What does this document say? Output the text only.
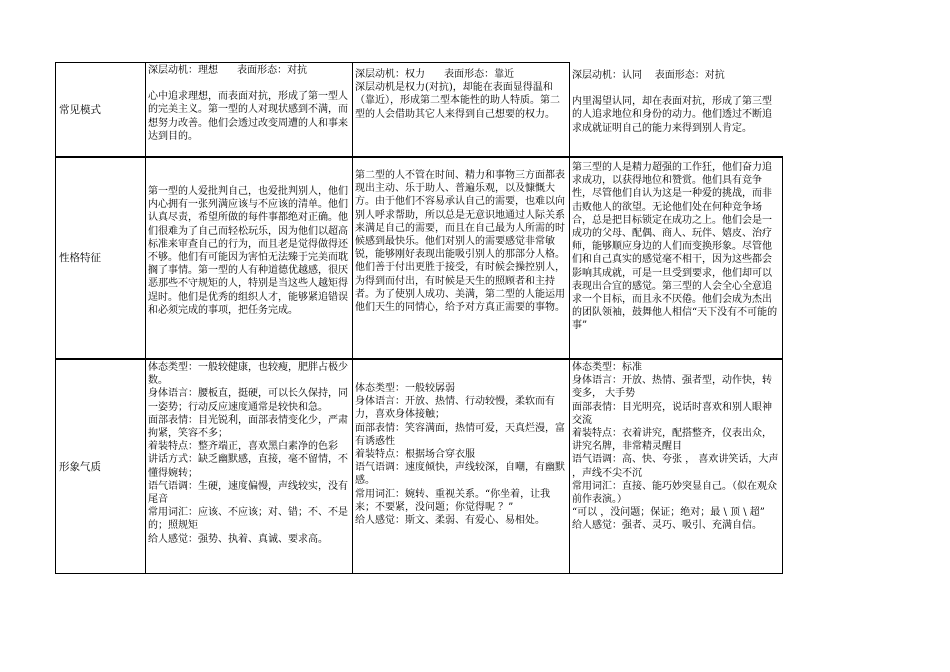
常见模式
深层动机：理想      表面形态：对抗
心中追求理想，而表面对抗，形成了第一型人的完美主义。第一型的人对现状感到不满，而想努力改善。他们会透过改变周遭的人和事来达到目的。
深层动机：权力      表面形态：靠近
深层动机是权力(对抗)，却能在表面显得温和（靠近），形成第二型本能性的助人特质。第二型的人会借助其它人来得到自己想要的权力。
深层动机：认同    表面形态：对抗
内里渴望认同，却在表面对抗，形成了第三型的人追求地位和身份的动力。他们透过不断追求成就证明自己的能力来得到别人肯定。
性格特征
第一型的人爱批判自己，也爱批判别人，他们内心拥有一张列满应该与不应该的清单。他们认真尽责，希望所做的每件事都绝对正确。他们很难为了自己而轻松玩乐，因为他们以超高标准来审查自己的行为，而且老是觉得做得还不够。他们有可能因为害怕无法臻于完美而耽搁了事情。第一型的人有种道德优越感，很厌恶那些不守规矩的人，特别是当这些人越矩得逞时。他们是优秀的组织人才，能够紧追错误和必须完成的事项，把任务完成。
第二型的人不管在时间、精力和事物三方面都表现出主动、乐于助人、普遍乐观，以及慷慨大方。由于他们不容易承认自己的需要，也难以向别人呼求帮助，所以总是无意识地通过人际关系来满足自己的需要，而且在自己最为人所需的时候感到最快乐。他们对别人的需要感觉非常敏锐，能够刚好表现出能吸引别人的那部分人格。他们善于付出更胜于接受，有时候会操控别人，为得到而付出，有时候是天生的照顾者和主持者。为了使别人成功、美满，第二型的人能运用他们天生的同情心，给予对方真正需要的事物。
第三型的人是精力超强的工作狂，他们奋力追求成功，以获得地位和赞赏。他们具有竞争性，尽管他们自认为这是一种爱的挑战，而非击败他人的欲望。无论他们处在何种竞争场合，总是把目标锁定在成功之上。他们会是一成功的父母、配偶、商人、玩伴、嬉皮、治疗师，能够顺应身边的人们而变换形象。尽管他们和自己真实的感觉毫不相干，因为这些都会影响其成就，可是一旦受到要求，他们却可以表现出合宜的感觉。第三型的人会全心全意追求一个目标，而且永不厌倦。他们会成为杰出的团队领袖，鼓舞他人相信“天下没有不可能的事”
形象气质
体态类型：一般较健康，也较瘦，肥胖占极少数。
身体语言：腰板直，挺硬，可以长久保持，同一姿势；行动反应速度通常是较快和急。
面部表情：目光锐利，面部表情变化少，严肃拘紧，笑容不多；
着装特点：整齐端正，喜欢黑白素净的色彩
讲话方式：缺乏幽默感，直接，毫不留情，不懂得婉转；
语气语调：生硬，速度偏慢，声线较实，没有尾音
常用词汇：应该、不应该；对、错；不、不是的；照规矩
给人感觉：强势、执着、真诚、要求高。
体态类型：一般较孱弱
身体语言：开放、热情、行动较慢，柔软而有力，喜欢身体接触；
面部表情：笑容满面，热情可爱，天真烂漫，富有诱惑性
着装特点：根据场合穿衣服
语气语调：速度倾快，声线较深，自嘲，有幽默感。
常用词汇：婉转、重视关系。“你坐着，让我来；不要紧，没问题；你觉得呢 ？”
给人感觉：斯文、柔弱、有爱心、易相处。
体态类型：标准
身体语言：开放、热情、强者型，动作快，转变多， 大手势
面部表情：目光明亮，说话时喜欢和别人眼神交流
着装特点：衣着讲究，配搭整齐，仪表出众，讲究名牌，非常精灵醒目
语气语调：高、快、夸张 ， 喜欢讲笑话，大声 ，声线不尖不沉
常用词汇：直接、能巧妙突显自己。（似在观众前作表演。）
“可以 ，没问题；保证；绝对；最 \ 顶 \ 超”
给人感觉：强者、灵巧、吸引、充满自信。
